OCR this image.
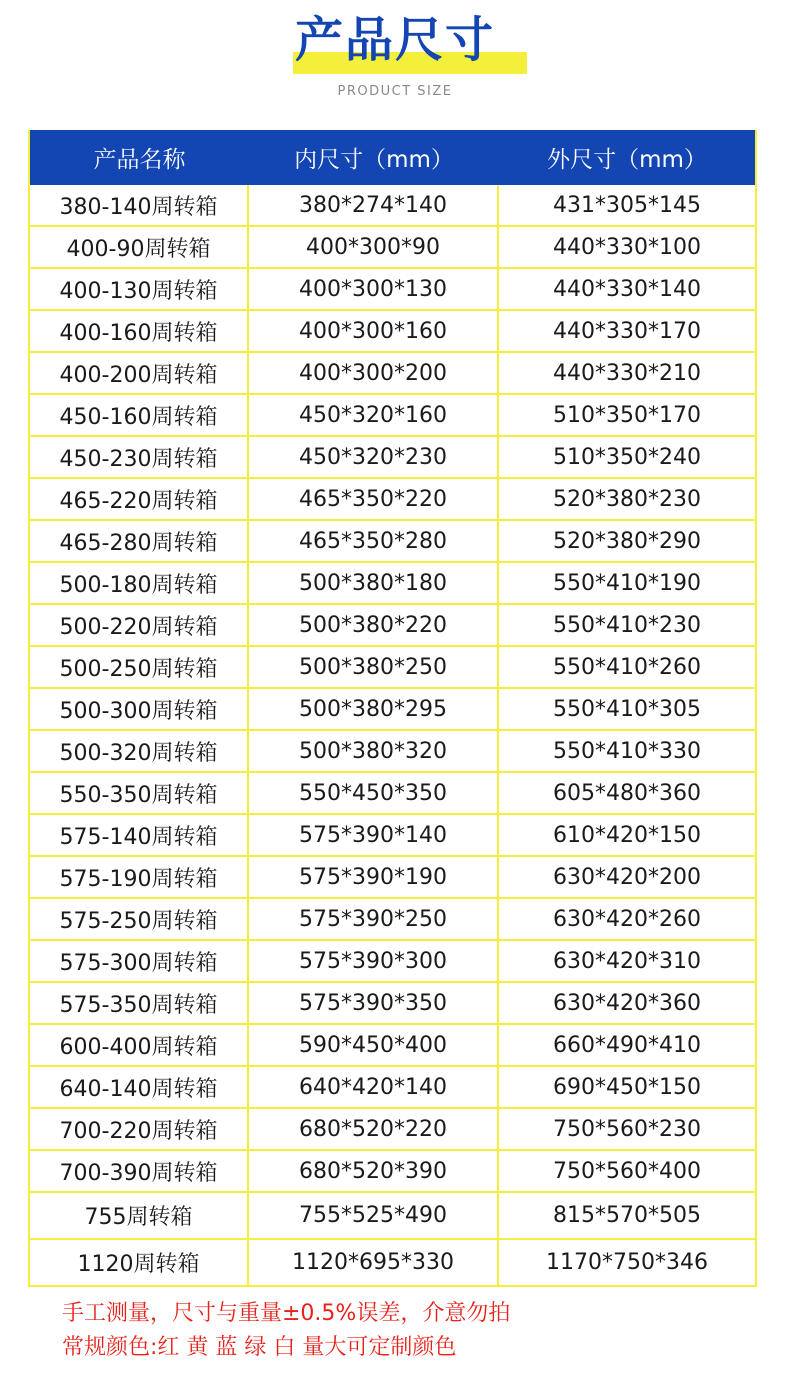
产品尺寸
PRODUCT SIZE
产品名称	内尺寸（mm）	外尺寸（mm）
380-140周转箱	380*274*140	431*305*145
400-90周转箱	400*300*90	440*330*100
400-130周转箱	400*300*130	440*330*140
400-160周转箱	400*300*160	440*330*170
400-200周转箱	400*300*200	440*330*210
450-160周转箱	450*320*160	510*350*170
450-230周转箱	450*320*230	510*350*240
465-220周转箱	465*350*220	520*380*230
465-280周转箱	465*350*280	520*380*290
500-180周转箱	500*380*180	550*410*190
500-220周转箱	500*380*220	550*410*230
500-250周转箱	500*380*250	550*410*260
500-300周转箱	500*380*295	550*410*305
500-320周转箱	500*380*320	550*410*330
550-350周转箱	550*450*350	605*480*360
575-140周转箱	575*390*140	610*420*150
575-190周转箱	575*390*190	630*420*200
575-250周转箱	575*390*250	630*420*260
575-300周转箱	575*390*300	630*420*310
575-350周转箱	575*390*350	630*420*360
600-400周转箱	590*450*400	660*490*410
640-140周转箱	640*420*140	690*450*150
700-220周转箱	680*520*220	750*560*230
700-390周转箱	680*520*390	750*560*400
755周转箱	755*525*490	815*570*505
1120周转箱	1120*695*330	1170*750*346
手工测量，尺寸与重量±0.5%误差，介意勿拍
常规颜色:红 黄 蓝 绿 白 量大可定制颜色
